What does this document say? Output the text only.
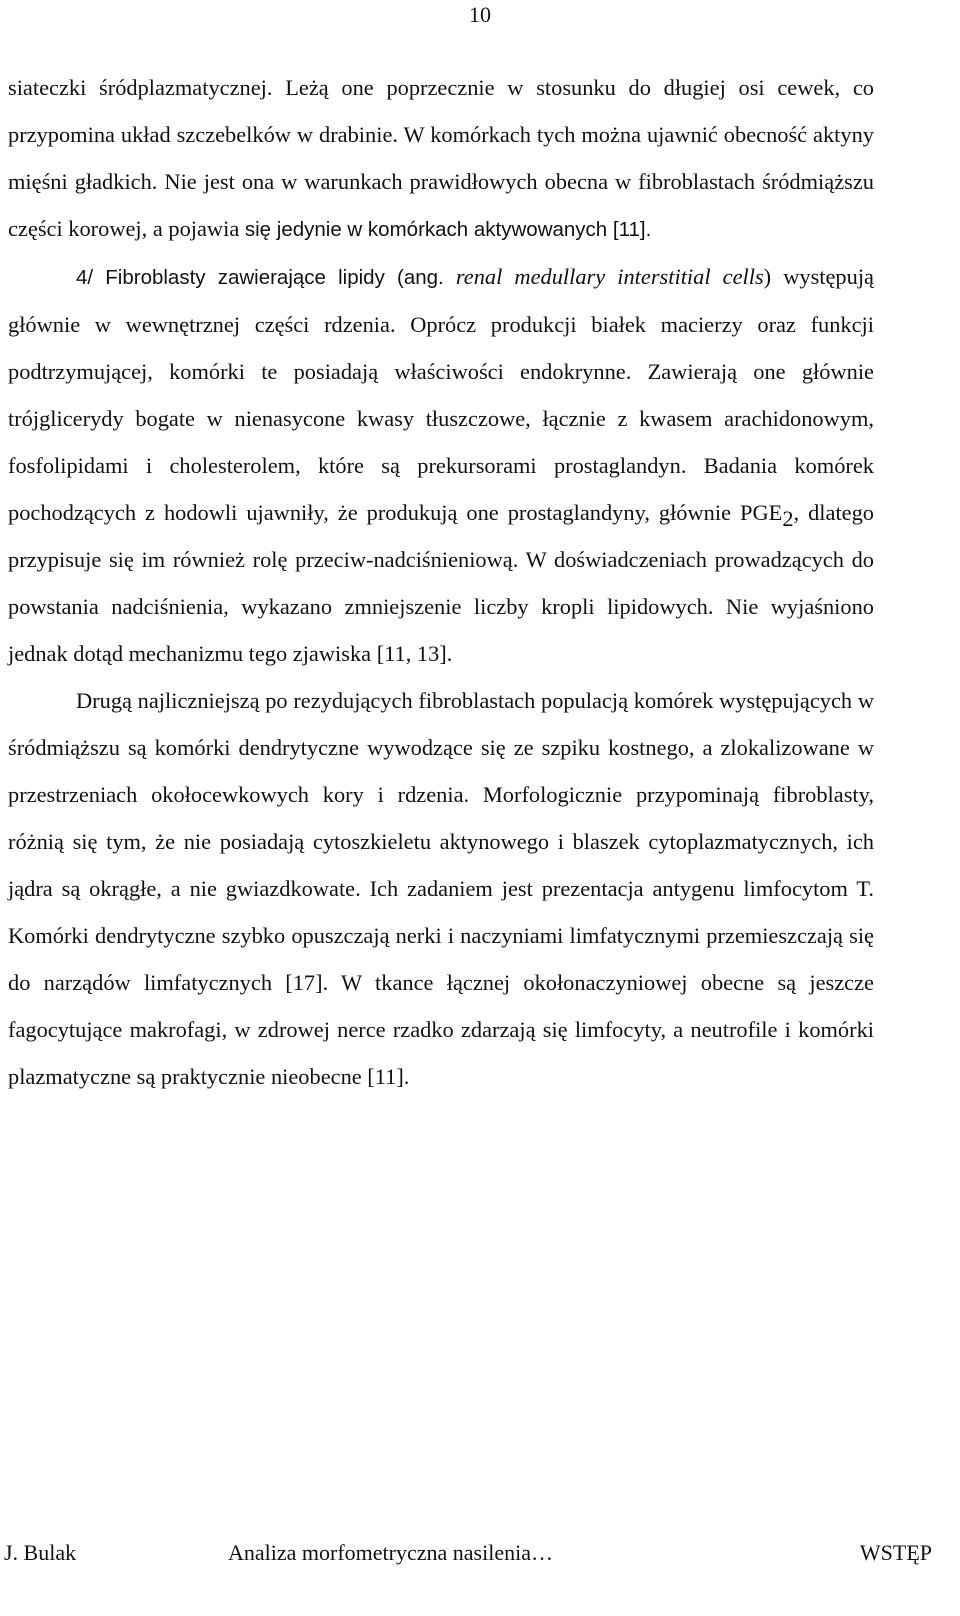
10

siateczki śródplazmatycznej. Leżą one poprzecznie w stosunku do długiej osi cewek, co przypomina układ szczebelków w drabinie. W komórkach tych można ujawnić obecność aktyny mięśni gładkich. Nie jest ona w warunkach prawidłowych obecna w fibroblastach śródmiąższu części korowej, a pojawia się jedynie w komórkach aktywowanych [11].

4/ Fibroblasty zawierające lipidy (ang. renal medullary interstitial cells) występują głównie w wewnętrznej części rdzenia. Oprócz produkcji białek macierzy oraz funkcji podtrzymującej, komórki te posiadają właściwości endokrynne. Zawierają one głównie trójglicerydy bogate w nienasycone kwasy tłuszczowe, łącznie z kwasem arachidonowym, fosfolipidami i cholesterolem, które są prekursorami prostaglandyn. Badania komórek pochodzących z hodowli ujawniły, że produkują one prostaglandyny, głównie $PGE_2$, dlatego przypisuje się im również rolę przeciw-nadciśnieniową. W doświadczeniach prowadzących do powstania nadciśnienia, wykazano zmniejszenie liczby kropli lipidowych. Nie wyjaśniono jednak dotąd mechanizmu tego zjawiska [11, 13].

Drugą najliczniejszą po rezydujących fibroblastach populacją komórek występujących w śródmiąższu są komórki dendrytyczne wywodzące się ze szpiku kostnego, a zlokalizowane w przestrzeniach okołocewkowych kory i rdzenia. Morfologicznie przypominają fibroblasty, różnią się tym, że nie posiadają cytoszkieletu aktynowego i blaszek cytoplazmatycznych, ich jądra są okrągłe, a nie gwiazdkowate. Ich zadaniem jest prezentacja antygenu limfocytom T. Komórki dendrytyczne szybko opuszczają nerki i naczyniami limfatycznymi przemieszczają się do narządów limfatycznych [17]. W tkance łącznej okołonaczyniowej obecne są jeszcze fagocytujące makrofagi, w zdrowej nerce rzadko zdarzają się limfocyty, a neutrofile i komórki plazmatyczne są praktycznie nieobecne [11].

J. Bulak	Analiza morfometryczna nasilenia…	WSTĘP
